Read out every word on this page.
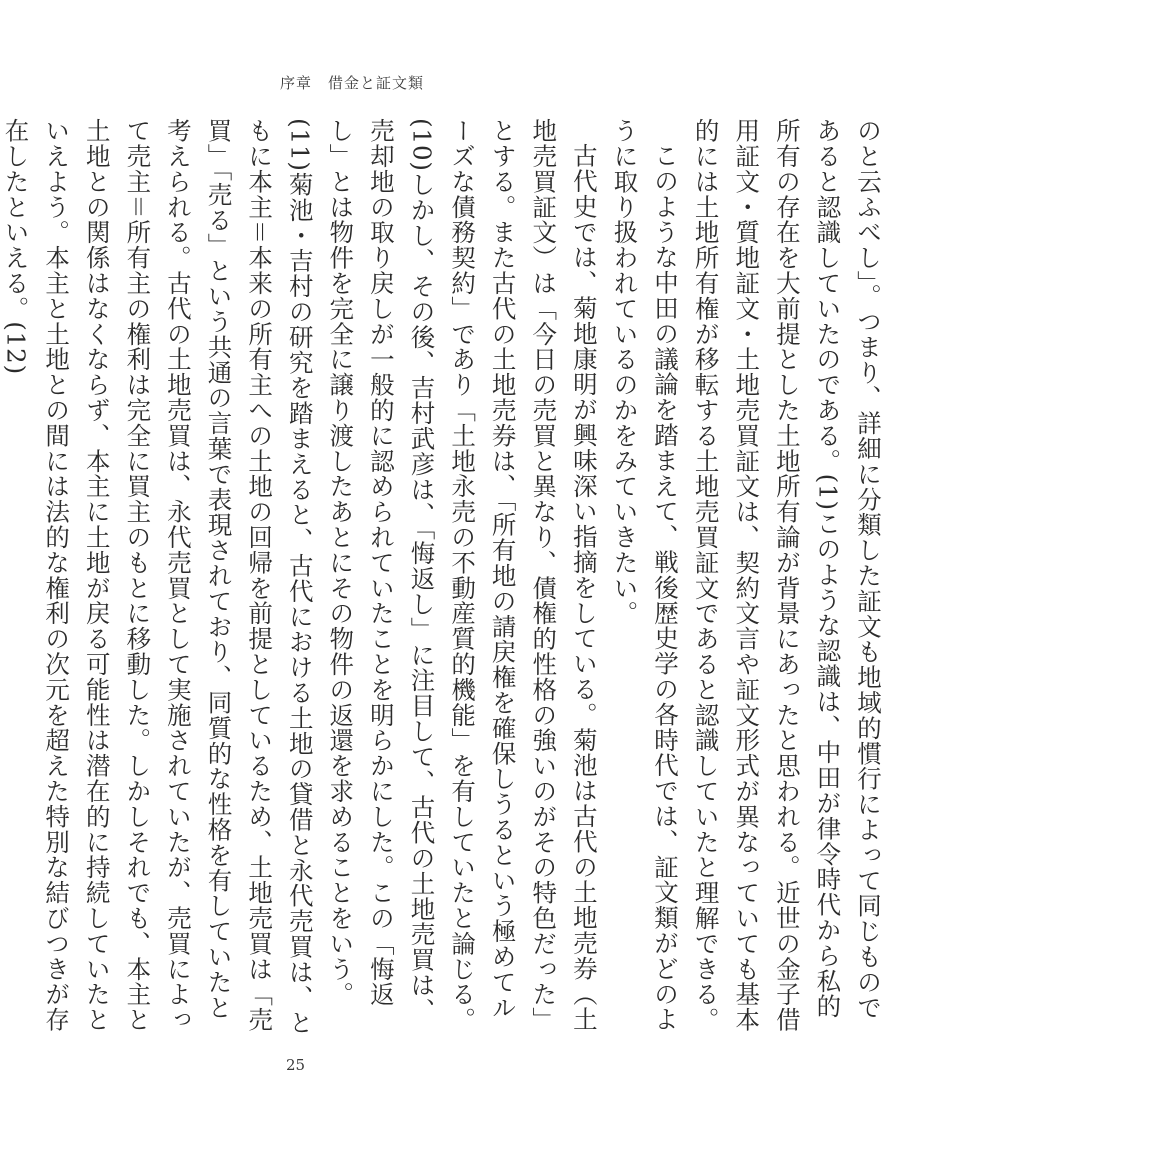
序章 借金と証文類

のと云ふべし」。つまり、詳細に分類した証文も地域的慣行によって同じものであると認識していたのである。(1)このような認識は、中田が律令時代から私的所有の存在を大前提とした土地所有論が背景にあったと思われる。近世の金子借用証文・質地証文・土地売買証文は、契約文言や証文形式が異なっていても基本的には土地所有権が移転する土地売買証文であると認識していたと理解できる。

このような中田の議論を踏まえて、戦後歴史学の各時代では、証文類がどのように取り扱われているのかをみていきたい。

古代史では、菊地康明が興味深い指摘をしている。菊池は古代の土地売券（土地売買証文）は「今日の売買と異なり、債権的性格の強いのがその特色だった」とする。また古代の土地売券は、「所有地の請戻権を確保しうるという極めてルーズな債務契約」であり「土地永売の不動産質的機能」を有していたと論じる。(10)しかし、その後、吉村武彦は、「悔返し」に注目して、古代の土地売買は、売却地の取り戻しが一般的に認められていたことを明らかにした。この「悔返し」とは物件を完全に譲り渡したあとにその物件の返還を求めることをいう。(11)菊池・吉村の研究を踏まえると、古代における土地の貸借と永代売買は、ともに本主＝本来の所有主への土地の回帰を前提としているため、土地売買は「売買」「売る」という共通の言葉で表現されており、同質的な性格を有していたと考えられる。古代の土地売買は、永代売買として実施されていたが、売買によって売主＝所有主の権利は完全に買主のもとに移動した。しかしそれでも、本主と土地との関係はなくならず、本主に土地が戻る可能性は潜在的に持続していたといえよう。本主と土地との間には法的な権利の次元を超えた特別な結びつきが存在したといえる。(12)

25
